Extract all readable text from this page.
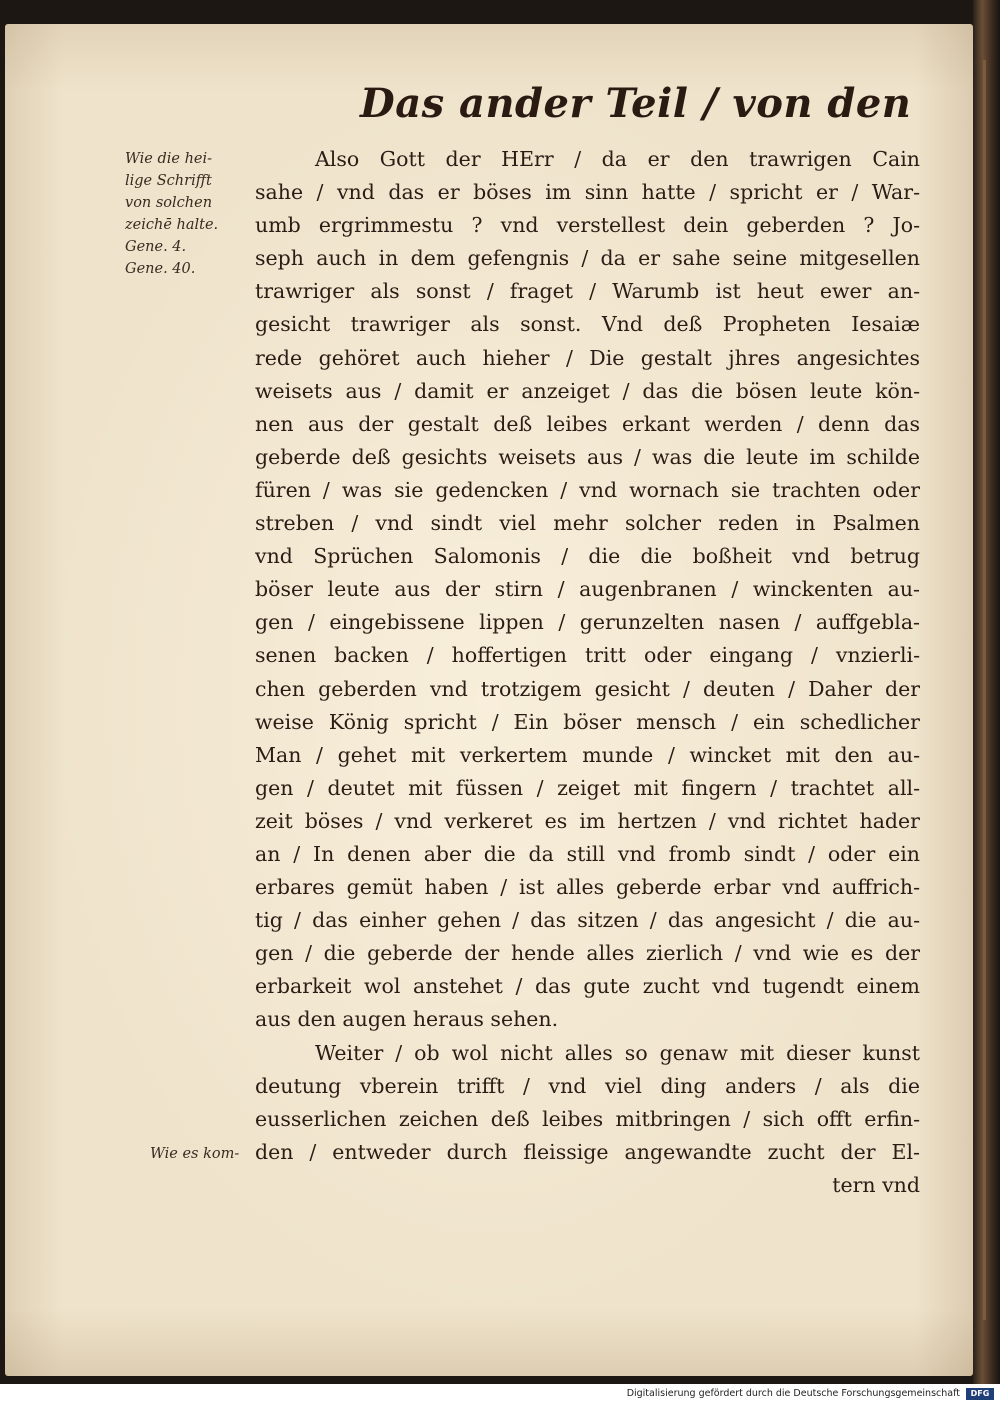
Das ander Teil / von den
Wie die hei-
lige Schrifft
von solchen
zeichē halte.
Gene. 4.
Gene. 40.
Wie es kom-
Also Gott der HErr / da er den trawrigen Cain
sahe / vnd das er böses im sinn hatte / spricht er / War-
umb ergrimmestu ? vnd verstellest dein geberden ? Jo-
seph auch in dem gefengnis / da er sahe seine mitgesellen
trawriger als sonst / fraget / Warumb ist heut ewer an-
gesicht trawriger als sonst. Vnd deß Propheten Iesaiæ
rede gehöret auch hieher / Die gestalt jhres angesichtes
weisets aus / damit er anzeiget / das die bösen leute kön-
nen aus der gestalt deß leibes erkant werden / denn das
geberde deß gesichts weisets aus / was die leute im schilde
füren / was sie gedencken / vnd wornach sie trachten oder
streben / vnd sindt viel mehr solcher reden in Psalmen
vnd Sprüchen Salomonis / die die boßheit vnd betrug
böser leute aus der stirn / augenbranen / winckenten au-
gen / eingebissene lippen / gerunzelten nasen / auffgebla-
senen backen / hoffertigen tritt oder eingang / vnzierli-
chen geberden vnd trotzigem gesicht / deuten / Daher der
weise König spricht / Ein böser mensch / ein schedlicher
Man / gehet mit verkertem munde / wincket mit den au-
gen / deutet mit füssen / zeiget mit fingern / trachtet all-
zeit böses / vnd verkeret es im hertzen / vnd richtet hader
an / In denen aber die da still vnd fromb sindt / oder ein
erbares gemüt haben / ist alles geberde erbar vnd auffrich-
tig / das einher gehen / das sitzen / das angesicht / die au-
gen / die geberde der hende alles zierlich / vnd wie es der
erbarkeit wol anstehet / das gute zucht vnd tugendt einem
aus den augen heraus sehen.
Weiter / ob wol nicht alles so genaw mit dieser kunst
deutung vberein trifft / vnd viel ding anders / als die
eusserlichen zeichen deß leibes mitbringen / sich offt erfin-
den / entweder durch fleissige angewandte zucht der El-
tern vnd
Digitalisierung gefördert durch die Deutsche Forschungsgemeinschaft	DFG
